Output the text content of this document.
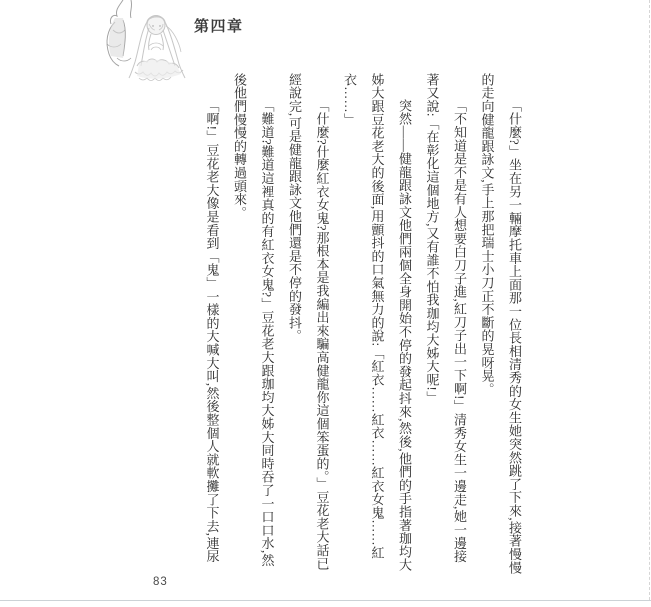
第四章
「什麼?」坐在另一輛摩托車上面那一位長相清秀的女生她突然跳了下來,接著慢慢
的走向健龍跟詠文,手上那把瑞士小刀正不斷的晃呀晃。
「不知道是不是有人想要白刀子進,紅刀子出一下啊!」清秀女生一邊走,她一邊接
著又說:「在彰化這個地方,又有誰不怕我珈均大姊大呢!」
突然——健龍跟詠文他們兩個全身開始不停的發起抖來,然後,他們的手指著珈均大
姊大跟豆花老大的後面,用顫抖的口氣無力的說:「紅衣……紅衣……紅衣女鬼……紅
衣……」
「什麼?什麼紅衣女鬼?那根本是我編出來騙高健龍你這個笨蛋的。」豆花老大話已
經說完,可是健龍跟詠文他們還是不停的發抖。
「難道?難道這裡真的有紅衣女鬼?」豆花老大跟珈均大姊大同時吞了一口口水,然
後他們慢慢的轉過頭來。
「啊!」豆花老大像是看到「鬼」一樣的大喊大叫,然後整個人就軟攤了下去,連尿
83
